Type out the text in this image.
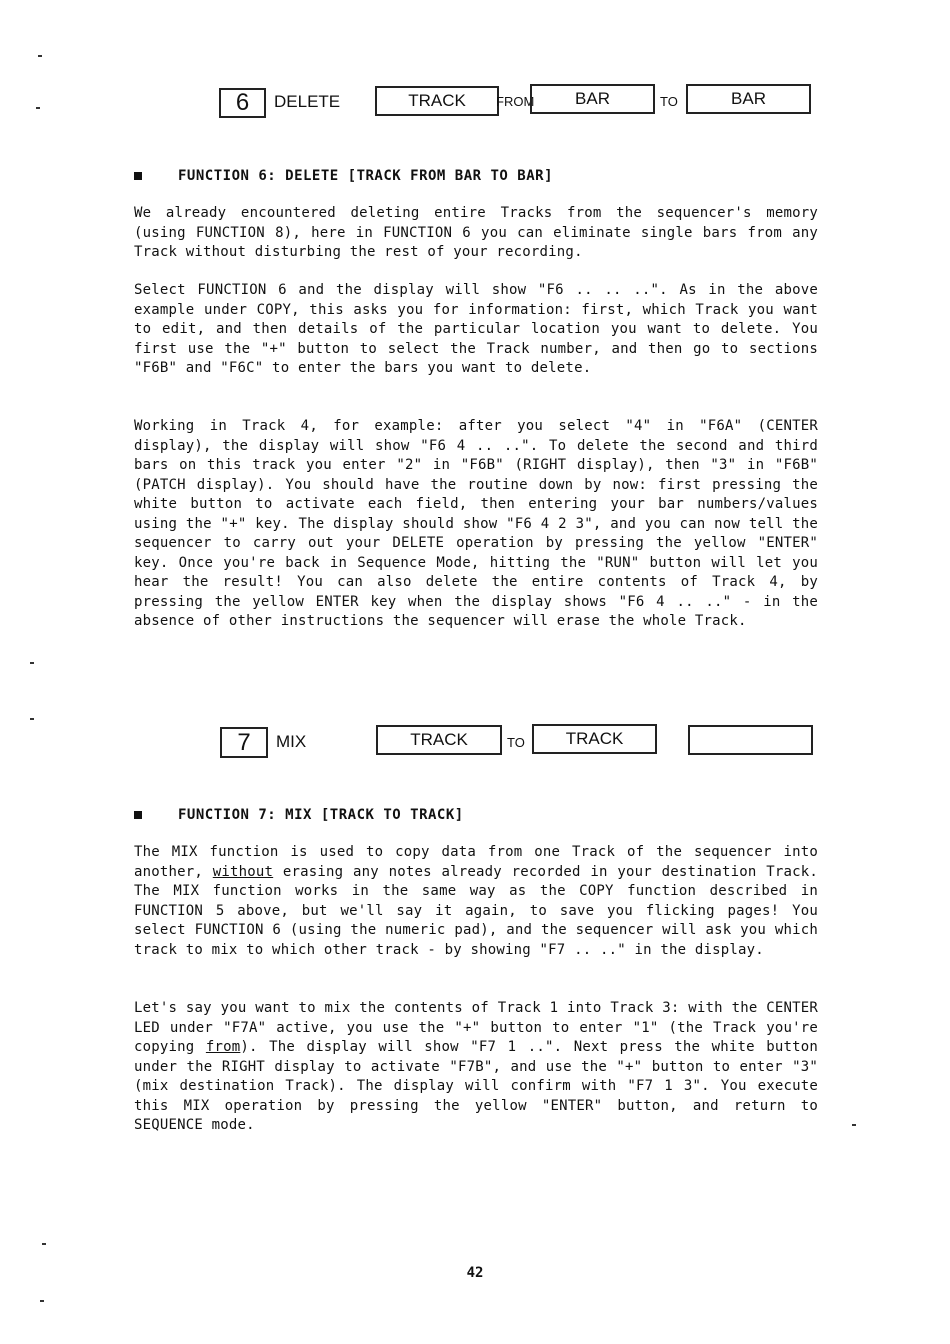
6	DELETE	TRACK	FROM	BAR	TO	BAR
FUNCTION 6: DELETE [TRACK FROM BAR TO BAR]

We already encountered deleting entire Tracks from the sequencer's memory (using FUNCTION 8), here in FUNCTION 6 you can eliminate single bars from any Track without disturbing the rest of your recording.

Select FUNCTION 6 and the display will show "F6 .. .. ..". As in the above example under COPY, this asks you for information: first, which Track you want to edit, and then details of the particular location you want to delete. You first use the "+" button to select the Track number, and then go to sections "F6B" and "F6C" to enter the bars you want to delete.

Working in Track 4, for example: after you select "4" in "F6A" (CENTER display), the display will show "F6 4 .. ..". To delete the second and third bars on this track you enter "2" in "F6B" (RIGHT display), then "3" in "F6B" (PATCH display). You should have the routine down by now: first pressing the white button to activate each field, then entering your bar numbers/values using the "+" key. The display should show "F6 4 2 3", and you can now tell the sequencer to carry out your DELETE operation by pressing the yellow "ENTER" key. Once you're back in Sequence Mode, hitting the "RUN" button will let you hear the result! You can also delete the entire contents of Track 4, by pressing the yellow ENTER key when the display shows "F6 4 .. .." - in the absence of other instructions the sequencer will erase the whole Track.

7	MIX	TRACK	TO	TRACK
FUNCTION 7: MIX [TRACK TO TRACK]

The MIX function is used to copy data from one Track of the sequencer into another, without erasing any notes already recorded in your destination Track. The MIX function works in the same way as the COPY function described in FUNCTION 5 above, but we'll say it again, to save you flicking pages! You select FUNCTION 6 (using the numeric pad), and the sequencer will ask you which track to mix to which other track - by showing "F7 .. .." in the display.

Let's say you want to mix the contents of Track 1 into Track 3: with the CENTER LED under "F7A" active, you use the "+" button to enter "1" (the Track you're copying from). The display will show "F7 1 ..". Next press the white button under the RIGHT display to activate "F7B", and use the "+" button to enter "3" (mix destination Track). The display will confirm with "F7 1 3". You execute this MIX operation by pressing the yellow "ENTER" button, and return to SEQUENCE mode.

42
